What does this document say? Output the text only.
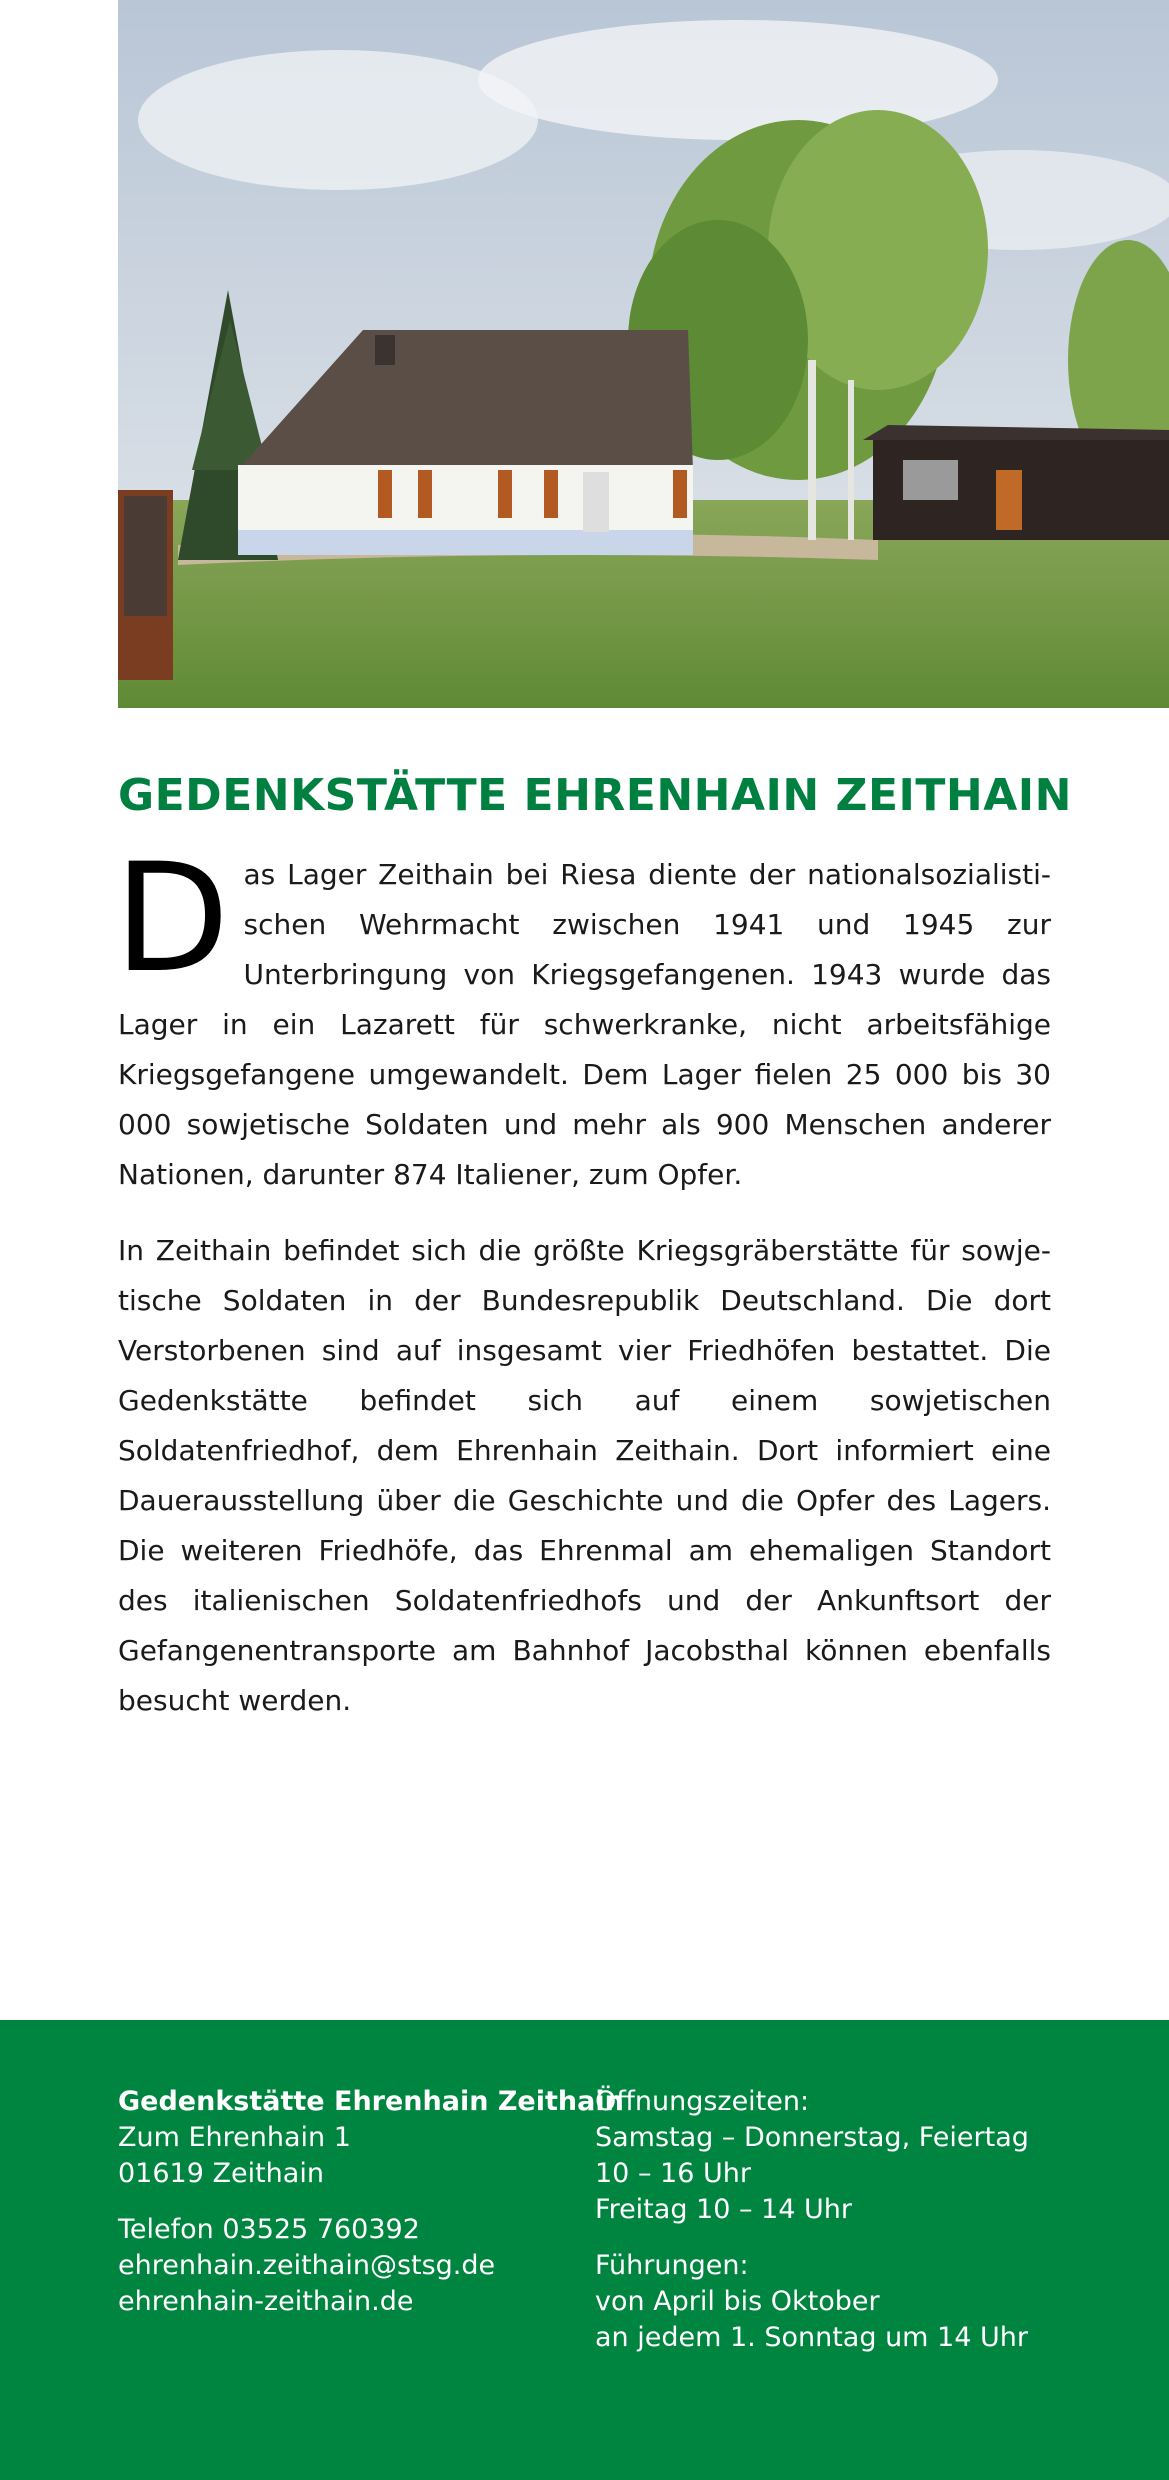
GEDENKSTÄTTE EHRENHAIN ZEITHAIN

Das Lager Zeithain bei Riesa diente der nationalsozialistischen Wehrmacht zwischen 1941 und 1945 zur Unterbringung von Kriegsgefangenen. 1943 wurde das Lager in ein Lazarett für schwerkranke, nicht arbeitsfähige Kriegsgefangene umgewandelt. Dem Lager fielen 25 000 bis 30 000 sowjetische Soldaten und mehr als 900 Menschen anderer Nationen, darunter 874 Italiener, zum Opfer.

In Zeithain befindet sich die größte Kriegsgräberstätte für sowjetische Soldaten in der Bundesrepublik Deutschland. Die dort Verstorbenen sind auf insgesamt vier Friedhöfen bestattet. Die Gedenkstätte befindet sich auf einem sowjetischen Soldatenfriedhof, dem Ehrenhain Zeithain. Dort informiert eine Dauerausstellung über die Geschichte und die Opfer des Lagers. Die weiteren Friedhöfe, das Ehrenmal am ehemaligen Standort des italienischen Soldatenfriedhofs und der Ankunftsort der Gefangenentransporte am Bahnhof Jacobsthal können ebenfalls besucht werden.

Gedenkstätte Ehrenhain Zeithain
Zum Ehrenhain 1
01619 Zeithain
Telefon 03525 760392
ehrenhain.zeithain@stsg.de
ehrenhain-zeithain.de
Öffnungszeiten:
Samstag – Donnerstag, Feiertag
10 – 16 Uhr
Freitag 10 – 14 Uhr
Führungen:
von April bis Oktober
an jedem 1. Sonntag um 14 Uhr
